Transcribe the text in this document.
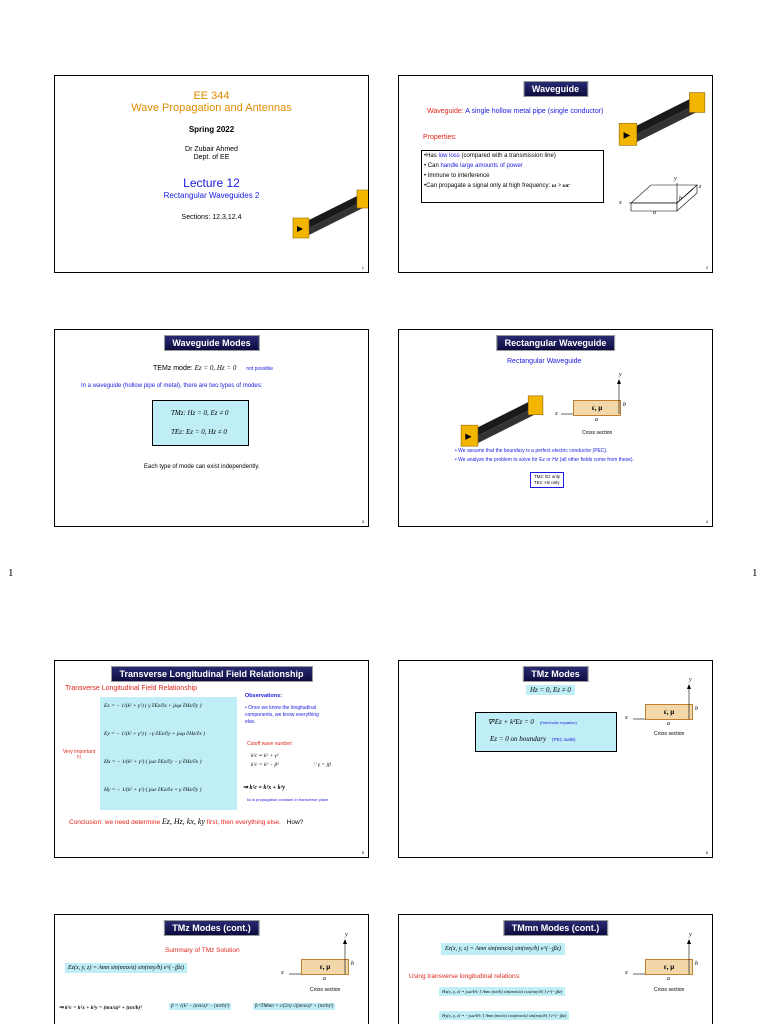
1	1
EE 344
Wave Propagation and Antennas
Spring 2022
Dr Zubair Ahmed
Dept. of EE
Lecture 12
Rectangular Waveguides 2
Sections: 12.3,12.4
1
Waveguide
Waveguide: A single hollow metal pipe (single conductor)
Properties:
•Has low loss (compared with a transmission line)
• Can handle large amounts of power
• Immune to interference
•Can propagate a signal only at high frequency: ω > ωc
y
x
z
a
b
2
Waveguide Modes
TEMz mode: Ez = 0, Hz = 0 not possible
In a waveguide (hollow pipe of metal), there are two types of modes:
TMz: Hz = 0, Ez ≠ 0
TEz: Ez = 0, Hz ≠ 0
Each type of mode can exist independently.
3
Rectangular Waveguide
Rectangular Waveguide
ε, μ	b
a
y
x
Cross section
• We assume that the boundary is a perfect electric conductor (PEC).
• We analyze the problem to solve for Ez or Hz (all other fields come from these).
TMz: Ez only
TEz: Hz only
4
Transverse Longitudinal Field Relationship
Transverse Longitudinal Field Relationship
Ex = − 1/(k² + γ²) ( γ ∂Ez/∂x + jωμ ∂Hz/∂y )
Ey = − 1/(k² + γ²) ( −γ ∂Ez/∂y + jωμ ∂Hz/∂x )
Hx = − 1/(k² + γ²) ( jωε ∂Ez/∂y − γ ∂Hz/∂x )
Hy = − 1/(k² + γ²) ( jωε ∂Ez/∂x + γ ∂Hz/∂y )
Very important !!!
Observations:
• Once we know the longitudinal components, we know everything else.
Cutoff wave number:
k²c ≡ k² + γ²
k²c = k² − β²	∵ γ = jβ
⇒ k²c = k²x + k²y
kc is propagation constant in transverse plane
Conclusion: we need determine Ez, Hz, kx, ky first, then everything else. How?
5
TMz Modes
Hz = 0, Ez ≠ 0
∇²Ez + k²Ez = 0 (Helmholtz equation)
Ez = 0 on boundary (PEC walls)
ε, μ	b
a
y
x
Cross section
6
TMz Modes (cont.)
Summary of TMz Solution
Ez(x, y, z) = Amn sin(mπx/a) sin(nπy/b) e^(−jβz)
⇒ k²c = k²x + k²y = (mπ/a)² + (nπ/b)²	β = √(k² − (mπ/a)² − (nπ/b)²)	fc^TMmn = c/(2π) √((mπ/a)² + (nπ/b)²)
ε, μ	b
a
y
x
Cross section
TMmn Modes (cont.)
Ez(x, y, z) = Amn sin(mπx/a) sin(nπy/b) e^(−jβz)
Using transverse longitudinal relations:
Hx(x, y, z) = jωε/k²c [ Amn (nπ/b) sin(mπx/a) cos(nπy/b) ] e^(−jβz)
Hy(x, y, z) = −jωε/k²c [ Amn (mπ/a) cos(mπx/a) sin(nπy/b) ] e^(−jβz)
ε, μ	b
a
y
x
Cross section
